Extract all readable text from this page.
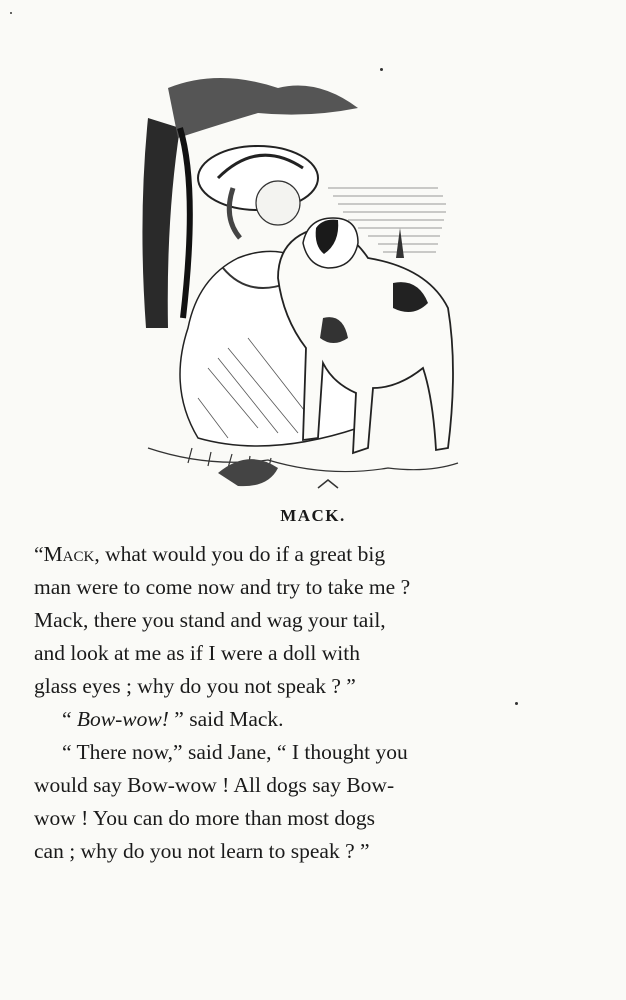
MACK.
“Mack, what would you do if a great big
man were to come now and try to take me ?
Mack, there you stand and wag your tail,
and look at me as if I were a doll with
glass eyes ; why do you not speak ? ”
“ Bow-wow! ” said Mack.
“ There now,” said Jane, “ I thought you
would say Bow-wow ! All dogs say Bow-
wow ! You can do more than most dogs
can ; why do you not learn to speak ? ”
